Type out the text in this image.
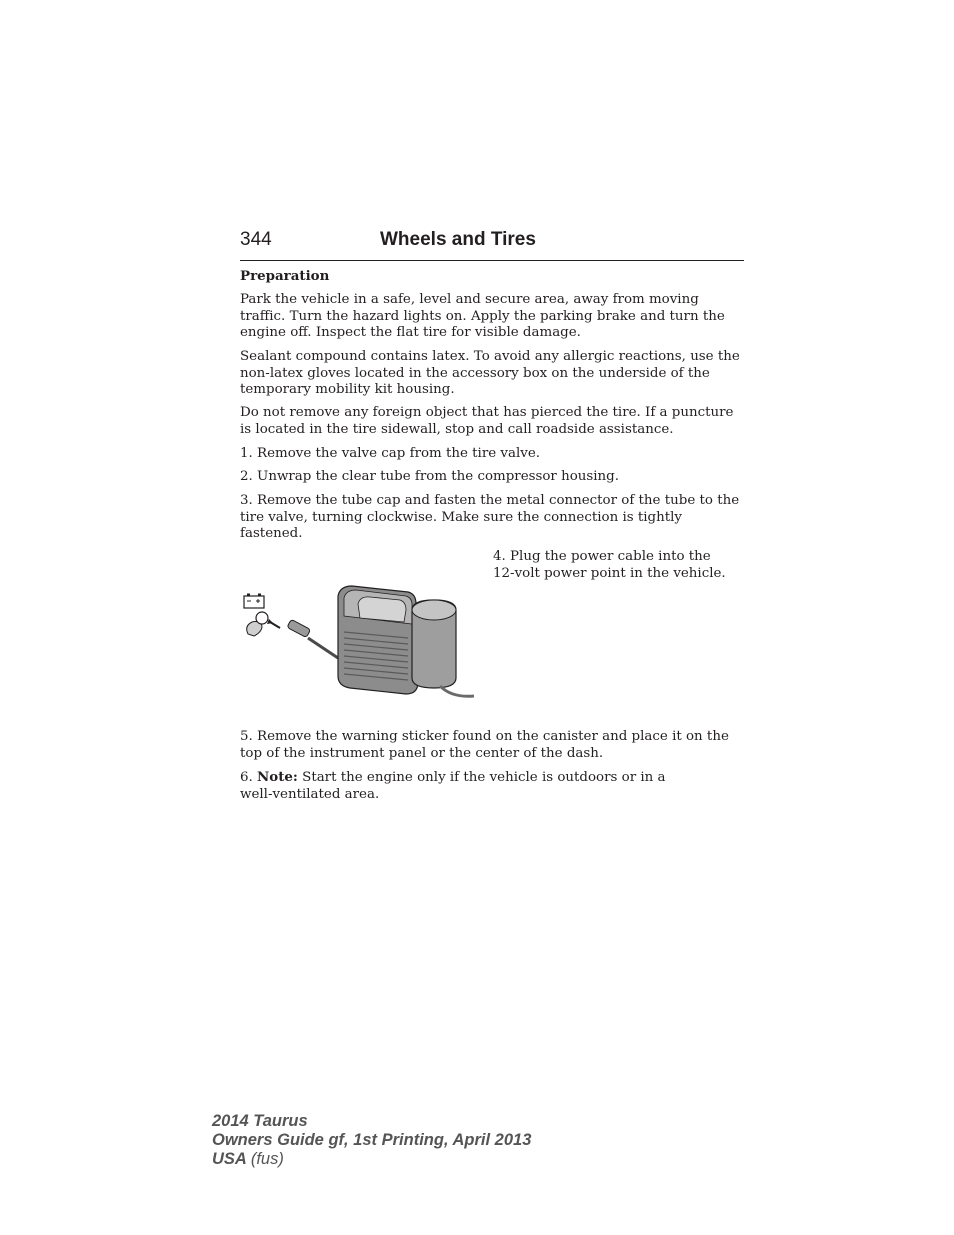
344	Wheels and Tires

Preparation

Park the vehicle in a safe, level and secure area, away from moving traffic. Turn the hazard lights on. Apply the parking brake and turn the engine off. Inspect the flat tire for visible damage.

Sealant compound contains latex. To avoid any allergic reactions, use the non-latex gloves located in the accessory box on the underside of the temporary mobility kit housing.

Do not remove any foreign object that has pierced the tire. If a puncture is located in the tire sidewall, stop and call roadside assistance.

1. Remove the valve cap from the tire valve.

2. Unwrap the clear tube from the compressor housing.

3. Remove the tube cap and fasten the metal connector of the tube to the tire valve, turning clockwise. Make sure the connection is tightly fastened.

4. Plug the power cable into the 12-volt power point in the vehicle.

5. Remove the warning sticker found on the canister and place it on the top of the instrument panel or the center of the dash.

6. Note: Start the engine only if the vehicle is outdoors or in a well-ventilated area.

2014 Taurus
Owners Guide gf, 1st Printing, April 2013
USA (fus)
